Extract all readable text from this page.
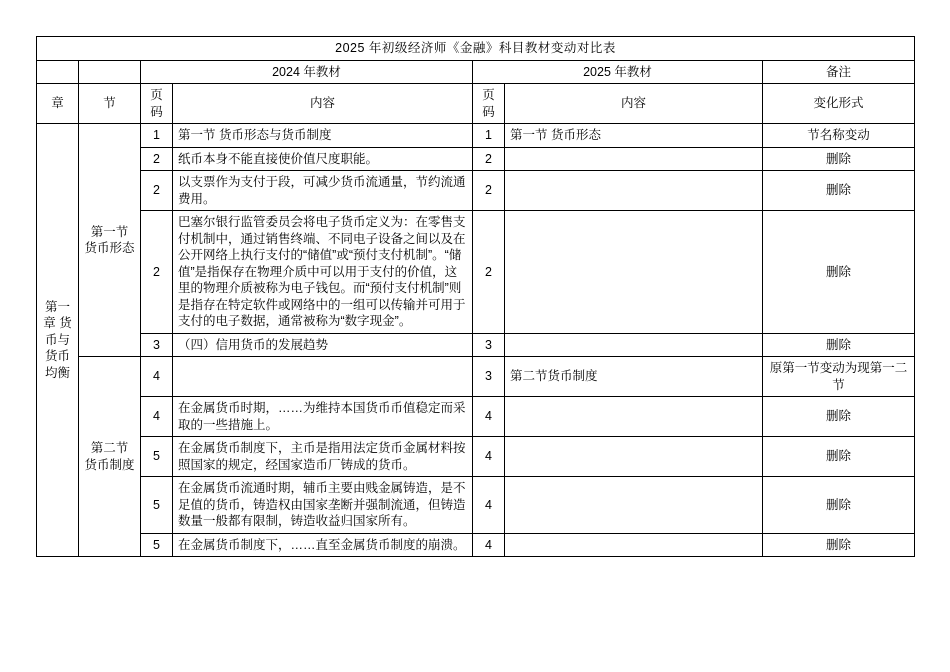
2025 年初级经济师《金融》科目教材变动对比表						
		2024 年教材		2025 年教材		备注
章	节	页码	内容	页码	内容	变化形式
第一章 货币与货币均衡	第一节 货币形态	1	第一节 货币形态与货币制度	1	第一节 货币形态	节名称变动
		2	纸币本身不能直接使价值尺度职能。	2		删除
		2	以支票作为支付于段，可减少货币流通量，节约流通费用。	2		删除
		2	巴塞尔银行监管委员会将电子货币定义为：在零售支付机制中，通过销售终端、不同电子设备之间以及在公开网络上执行支付的“储值”或“预付支付机制”。“储值”是指保存在物理介质中可以用于支付的价值，这里的物理介质被称为电子钱包。而“预付支付机制”则是指存在特定软件或网络中的一组可以传输并可用于支付的电子数据，通常被称为“数字现金”。	2		删除
		3	（四）信用货币的发展趋势	3		删除
	第二节 货币制度	4		3	第二节货币制度	原第一节变动为现第一二节
		4	在金属货币时期，……为维持本国货币币值稳定而采取的一些措施上。	4		删除
		5	在金属货币制度下，主币是指用法定货币金属材料按照国家的规定，经国家造币厂铸成的货币。	4		删除
		5	在金属货币流通时期，辅币主要由贱金属铸造，是不足值的货币，铸造权由国家垄断并强制流通，但铸造数量一般都有限制，铸造收益归国家所有。	4		删除
		5	在金属货币制度下，……直至金属货币制度的崩溃。	4		删除
